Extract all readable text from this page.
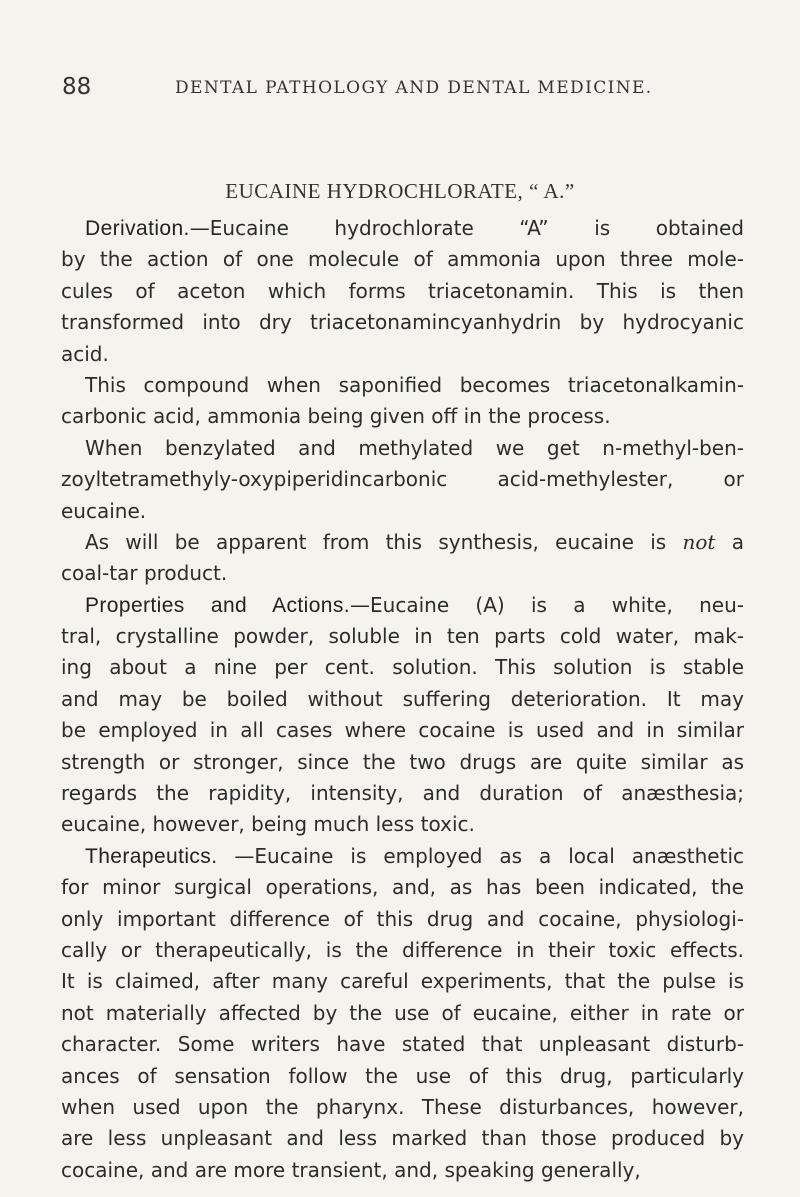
88	DENTAL PATHOLOGY AND DENTAL MEDICINE.
EUCAINE HYDROCHLORATE, “ A.”
Derivation.—Eucaine hydrochlorate “A” is obtained
by the action of one molecule of ammonia upon three mole-
cules of aceton which forms triacetonamin. This is then
transformed into dry triacetonamincyanhydrin by hydrocyanic
acid.
This compound when saponified becomes triacetonalkamin-
carbonic acid, ammonia being given off in the process.
When benzylated and methylated we get n-methyl-ben-
zoyltetramethyly-oxypiperidincarbonic acid-methylester, or
eucaine.
As will be apparent from this synthesis, eucaine is not a
coal-tar product.
Properties and Actions.—Eucaine (A) is a white, neu-
tral, crystalline powder, soluble in ten parts cold water, mak-
ing about a nine per cent. solution. This solution is stable
and may be boiled without suffering deterioration. It may
be employed in all cases where cocaine is used and in similar
strength or stronger, since the two drugs are quite similar as
regards the rapidity, intensity, and duration of anæsthesia;
eucaine, however, being much less toxic.
Therapeutics. —Eucaine is employed as a local anæsthetic
for minor surgical operations, and, as has been indicated, the
only important difference of this drug and cocaine, physiologi-
cally or therapeutically, is the difference in their toxic effects.
It is claimed, after many careful experiments, that the pulse is
not materially affected by the use of eucaine, either in rate or
character. Some writers have stated that unpleasant disturb-
ances of sensation follow the use of this drug, particularly
when used upon the pharynx. These disturbances, however,
are less unpleasant and less marked than those produced by
cocaine, and are more transient, and, speaking generally,
